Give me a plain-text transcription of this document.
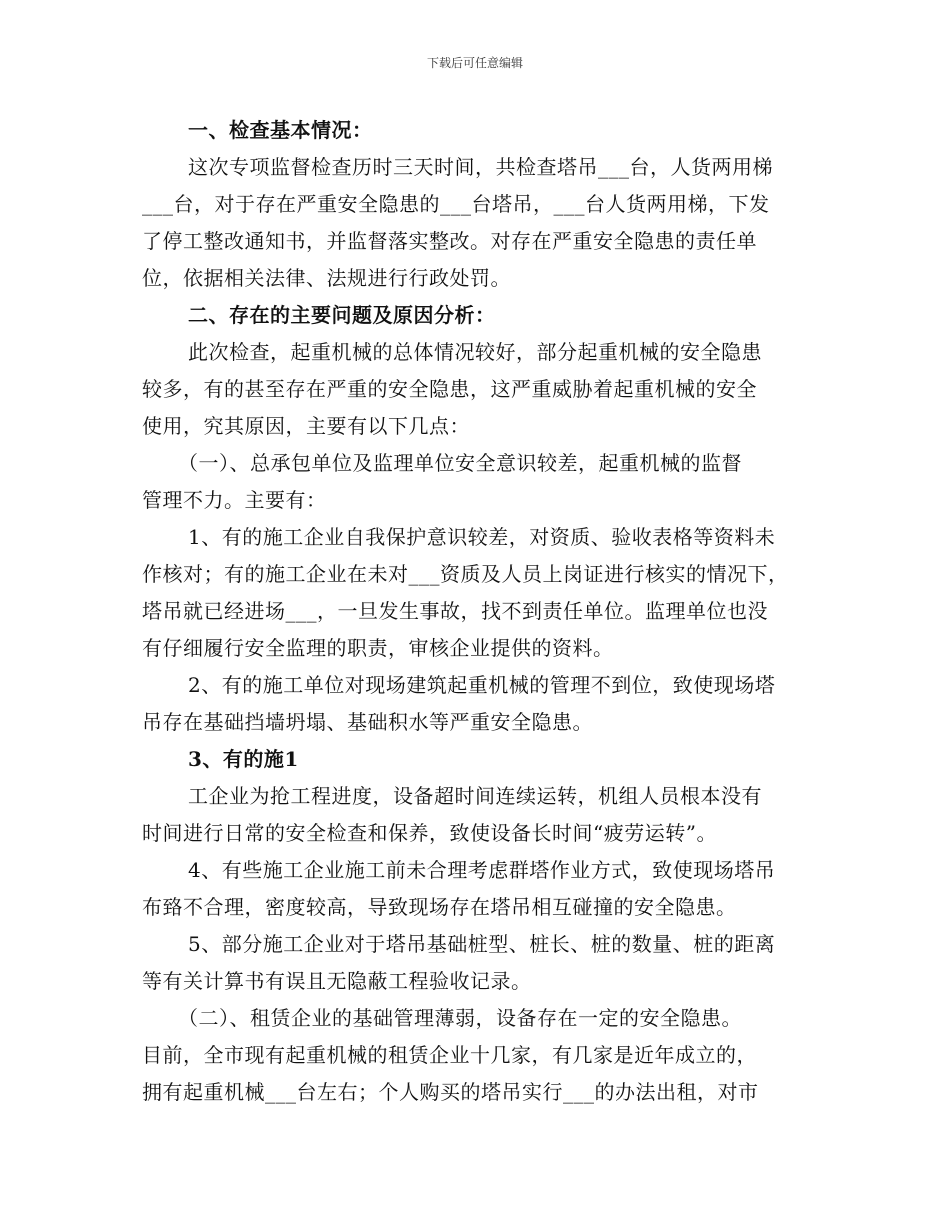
下载后可任意编辑
一、检查基本情况：
这次专项监督检查历时三天时间，共检查塔吊___台，人货两用梯
___台，对于存在严重安全隐患的___台塔吊，___台人货两用梯，下发
了停工整改通知书，并监督落实整改。对存在严重安全隐患的责任单
位，依据相关法律、法规进行行政处罚。
二、存在的主要问题及原因分析：
此次检查，起重机械的总体情况较好，部分起重机械的安全隐患
较多，有的甚至存在严重的安全隐患，这严重威胁着起重机械的安全
使用，究其原因，主要有以下几点：
（一）、总承包单位及监理单位安全意识较差，起重机械的监督
管理不力。主要有：
1、有的施工企业自我保护意识较差，对资质、验收表格等资料未
作核对；有的施工企业在未对___资质及人员上岗证进行核实的情况下，
塔吊就已经进场___，一旦发生事故，找不到责任单位。监理单位也没
有仔细履行安全监理的职责，审核企业提供的资料。
2、有的施工单位对现场建筑起重机械的管理不到位，致使现场塔
吊存在基础挡墙坍塌、基础积水等严重安全隐患。
3、有的施1
工企业为抢工程进度，设备超时间连续运转，机组人员根本没有
时间进行日常的安全检查和保养，致使设备长时间“疲劳运转”。
4、有些施工企业施工前未合理考虑群塔作业方式，致使现场塔吊
布臵不合理，密度较高，导致现场存在塔吊相互碰撞的安全隐患。
5、部分施工企业对于塔吊基础桩型、桩长、桩的数量、桩的距离
等有关计算书有误且无隐蔽工程验收记录。
（二）、租赁企业的基础管理薄弱，设备存在一定的安全隐患。
目前，全市现有起重机械的租赁企业十几家，有几家是近年成立的，
拥有起重机械___台左右；个人购买的塔吊实行___的办法出租，对市
